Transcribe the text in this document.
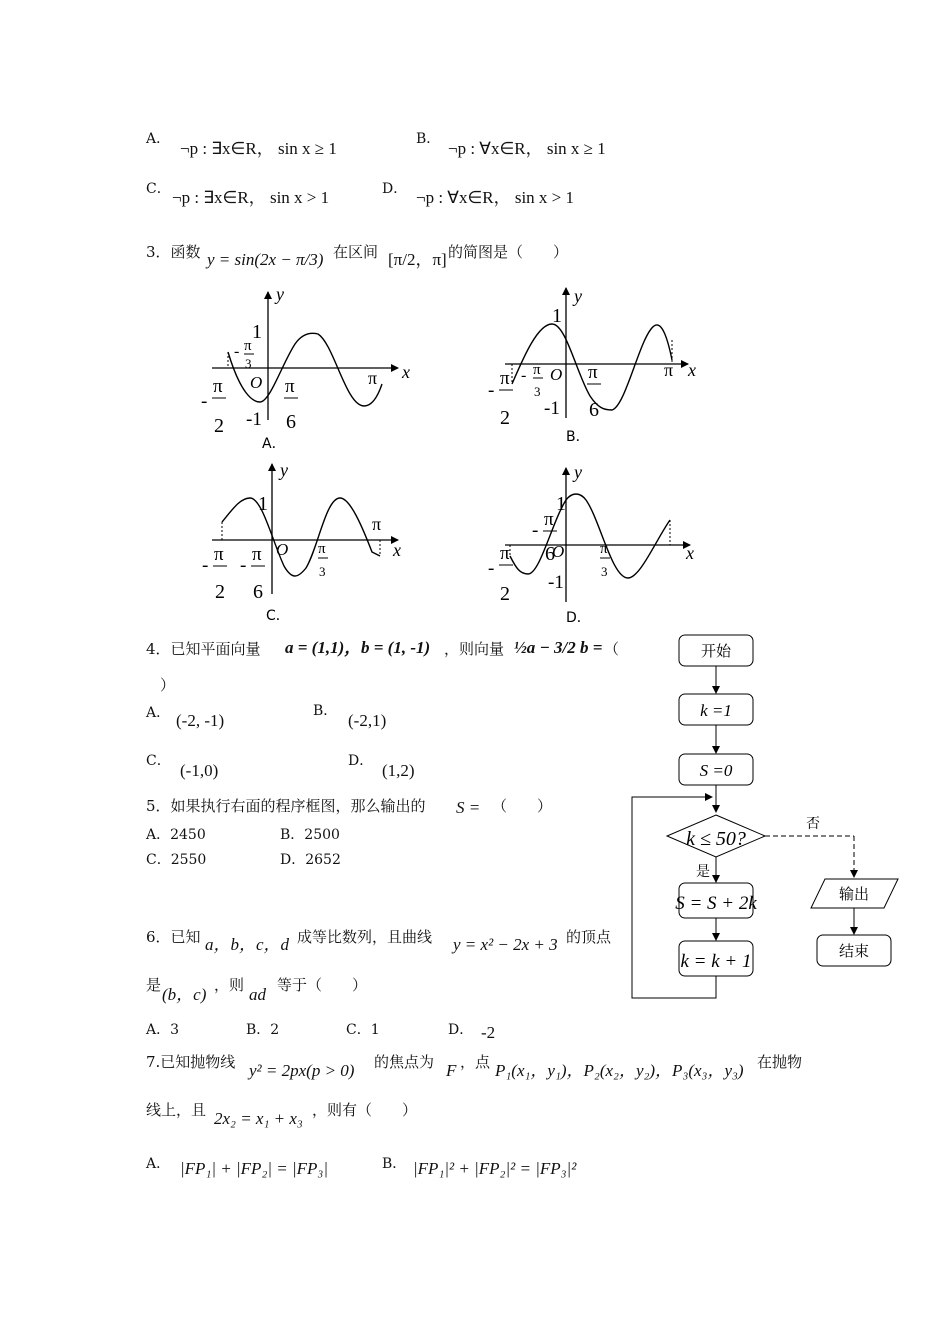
A． ¬p : ∃x∈R， sin x ≥ 1	B． ¬p : ∀x∈R， sin x ≥ 1
C． ¬p : ∃x∈R， sin x > 1	D． ¬p : ∀x∈R， sin x > 1
3．函数 y = sin(2x − π/3) 在区间 [π/2，π] 的简图是（　　）
y
x
O
1
-1
π
π
3
-
π
2
-
π
6
A．
y
x
O
1
-1
π
π
3
-
π
2
-
π
6
B．
y
x
O
1
π
π
3
π
2
-
π
6
-
C．
y
x
O
1
-1
π
6
-
π
3
π
2
-
D．
4．已知平面向量 a = (1,1)， b = (1, -1) ，则向量 ½a − 3/2 b = （
）
A． (-2, -1)	B． (-2,1)
C． (-1,0)	D． (1,2)
5．如果执行右面的程序框图，那么输出的 S = （　　）
A．2450	B．2500
C．2550	D．2652
开始
k =1
S =0
k ≤ 50?
否
是
S = S + 2k
k = k + 1
输出
结束
6．已知 a，b，c，d 成等比数列，且曲线 y = x² − 2x + 3 的顶点
是 (b，c) ，则 ad 等于（　　）
A．3	B．2	C．1	D． -2
7.已知抛物线 y² = 2px(p > 0) 的焦点为 F ，点 P₁(x₁，y₁)，P₂(x₂，y₂)，P₃(x₃，y₃) 在抛物
线上，且 2x₂ = x₁ + x₃ ，则有（　　）
A． |FP₁| + |FP₂| = |FP₃|	B． |FP₁|² + |FP₂|² = |FP₃|²
